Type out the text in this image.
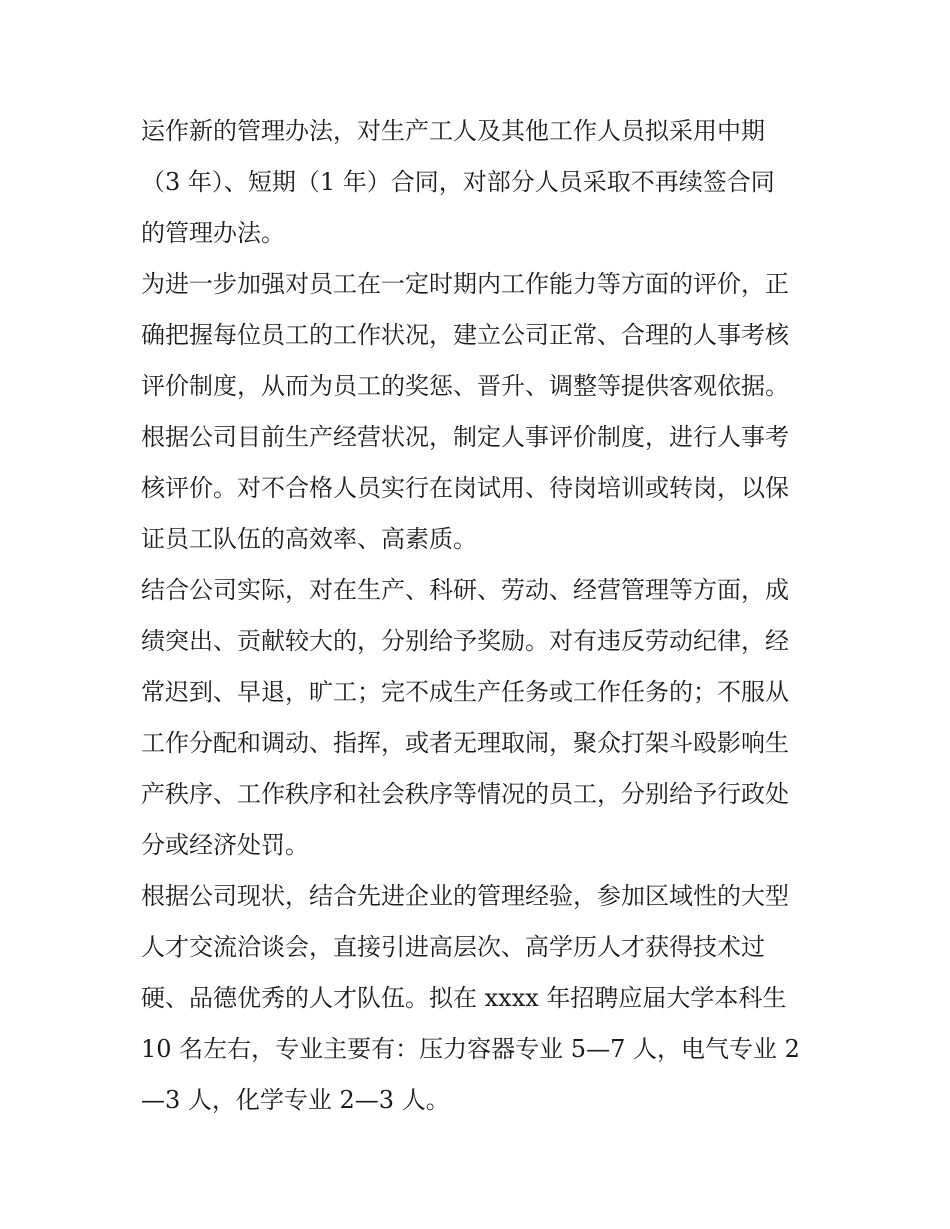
运作新的管理办法，对生产工人及其他工作人员拟采用中期
（3 年）、短期（1 年）合同，对部分人员采取不再续签合同
的管理办法。
为进一步加强对员工在一定时期内工作能力等方面的评价，正
确把握每位员工的工作状况，建立公司正常、合理的人事考核
评价制度，从而为员工的奖惩、晋升、调整等提供客观依据。
根据公司目前生产经营状况，制定人事评价制度，进行人事考
核评价。对不合格人员实行在岗试用、待岗培训或转岗，以保
证员工队伍的高效率、高素质。
结合公司实际，对在生产、科研、劳动、经营管理等方面，成
绩突出、贡献较大的，分别给予奖励。对有违反劳动纪律，经
常迟到、早退，旷工；完不成生产任务或工作任务的；不服从
工作分配和调动、指挥，或者无理取闹，聚众打架斗殴影响生
产秩序、工作秩序和社会秩序等情况的员工，分别给予行政处
分或经济处罚。
根据公司现状，结合先进企业的管理经验，参加区域性的大型
人才交流洽谈会，直接引进高层次、高学历人才获得技术过
硬、品德优秀的人才队伍。拟在 xxxx 年招聘应届大学本科生
10 名左右，专业主要有：压力容器专业 5—7 人，电气专业 2
—3 人，化学专业 2—3 人。
